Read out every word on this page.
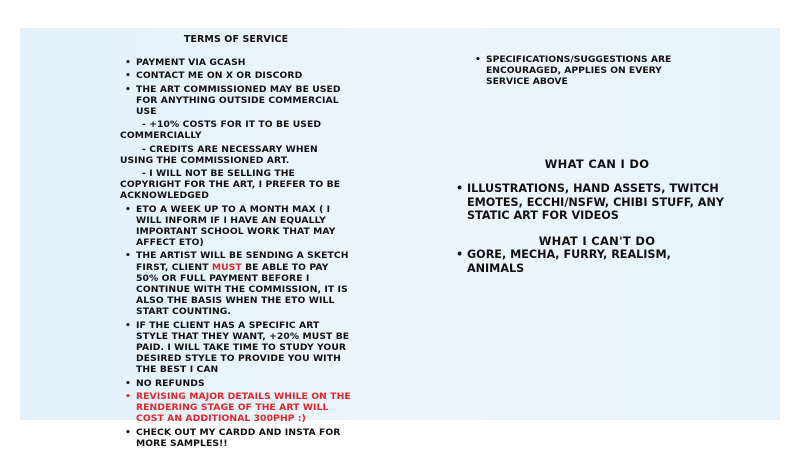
TERMS OF SERVICE
• PAYMENT VIA GCASH
• CONTACT ME ON X OR DISCORD
• THE ART COMMISSIONED MAY BE USED FOR ANYTHING OUTSIDE COMMERCIAL USE
- +10% COSTS FOR IT TO BE USED COMMERCIALLY
- CREDITS ARE NECESSARY WHEN USING THE COMMISSIONED ART.
- I WILL NOT BE SELLING THE COPYRIGHT FOR THE ART, I PREFER TO BE ACKNOWLEDGED
• ETO A WEEK UP TO A MONTH MAX ( I WILL INFORM IF I HAVE AN EQUALLY IMPORTANT SCHOOL WORK THAT MAY AFFECT ETO)
• THE ARTIST WILL BE SENDING A SKETCH FIRST, CLIENT MUST BE ABLE TO PAY 50% OR FULL PAYMENT BEFORE I CONTINUE WITH THE COMMISSION, IT IS ALSO THE BASIS WHEN THE ETO WILL START COUNTING.
• IF THE CLIENT HAS A SPECIFIC ART STYLE THAT THEY WANT, +20% MUST BE PAID. I WILL TAKE TIME TO STUDY YOUR DESIRED STYLE TO PROVIDE YOU WITH THE BEST I CAN
• NO REFUNDS
• REVISING MAJOR DETAILS WHILE ON THE RENDERING STAGE OF THE ART WILL COST AN ADDITIONAL 300PHP :)
• CHECK OUT MY CARDD AND INSTA FOR MORE SAMPLES!!
• SPECIFICATIONS/SUGGESTIONS ARE ENCOURAGED, APPLIES ON EVERY SERVICE ABOVE
WHAT CAN I DO
• ILLUSTRATIONS, HAND ASSETS, TWITCH EMOTES, ECCHI/NSFW, CHIBI STUFF, ANY STATIC ART FOR VIDEOS
WHAT I CAN'T DO
• GORE, MECHA, FURRY, REALISM, ANIMALS
